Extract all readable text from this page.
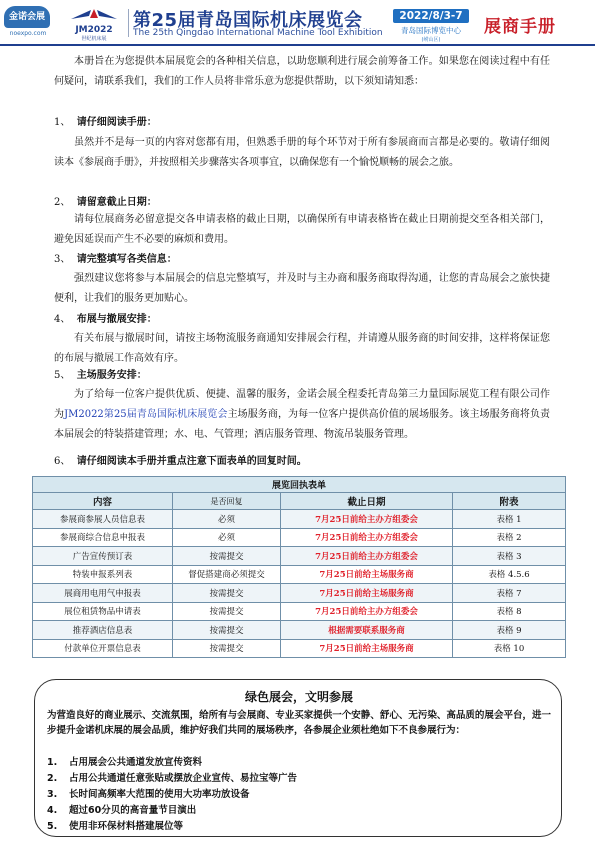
金诺会展
noexpo.com	JM2022
世纪机床展
第25届青岛国际机床展览会
The 25th Qingdao International Machine Tool Exhibition
2022/8/3-7
青岛国际博览中心
(崂山区)
展商手册
本册旨在为您提供本届展览会的各种相关信息，以助您顺利进行展会前筹备工作。如果您在阅读过程中有任何疑问，请联系我们，我们的工作人员将非常乐意为您提供帮助，以下须知请知悉：
1、 请仔细阅读手册：
虽然并不是每一页的内容对您都有用，但熟悉手册的每个环节对于所有参展商而言都是必要的。敬请仔细阅读本《参展商手册》，并按照相关步骤落实各项事宜，以确保您有一个愉悦顺畅的展会之旅。
2、 请留意截止日期：
请每位展商务必留意提交各申请表格的截止日期，以确保所有申请表格皆在截止日期前提交至各相关部门，避免因延误而产生不必要的麻烦和费用。
3、 请完整填写各类信息：
强烈建议您将参与本届展会的信息完整填写，并及时与主办商和服务商取得沟通，让您的青岛展会之旅快捷便利，让我们的服务更加贴心。
4、 布展与撤展安排：
有关布展与撤展时间，请按主场物流服务商通知安排展会行程，并请遵从服务商的时间安排，这样将保证您的布展与撤展工作高效有序。
5、 主场服务安排：
为了给每一位客户提供优质、便捷、温馨的服务，金诺会展全程委托青岛第三力量国际展览工程有限公司作为JM2022第25届青岛国际机床展览会主场服务商，为每一位客户提供高价值的展场服务。该主场服务商将负责本届展会的特装搭建管理；水、电、气管理；酒店服务管理、物流吊装服务管理。
6、 请仔细阅读本手册并重点注意下面表单的回复时间。
展览回执表单			
内容	是否回复	截止日期	附表
参展商参展人员信息表	必须	7月25日前给主办方组委会	表格 1
参展商综合信息申报表	必须	7月25日前给主办方组委会	表格 2
广告宣传预订表	按需提交	7月25日前给主办方组委会	表格 3
特装申报系列表	督促搭建商必须提交	7月25日前给主场服务商	表格 4.5.6
展商用电用气申报表	按需提交	7月25日前给主场服务商	表格 7
展位租赁物品申请表	按需提交	7月25日前给主办方组委会	表格 8
推荐酒店信息表	按需提交	根据需要联系服务商	表格 9
付款单位开票信息表	按需提交	7月25日前给主场服务商	表格 10
绿色展会，文明参展
为营造良好的商业展示、交流氛围，给所有与会展商、专业买家提供一个安静、舒心、无污染、高品质的展会平台，进一步提升金诺机床展的展会品质，维护好我们共同的展场秩序，各参展企业须杜绝如下不良参展行为：
1. 占用展会公共通道发放宣传资料
2. 占用公共通道任意张贴或摆放企业宣传、易拉宝等广告
3. 长时间高频率大范围的使用大功率功放设备
4. 超过60分贝的高音量节目演出
5. 使用非环保材料搭建展位等
